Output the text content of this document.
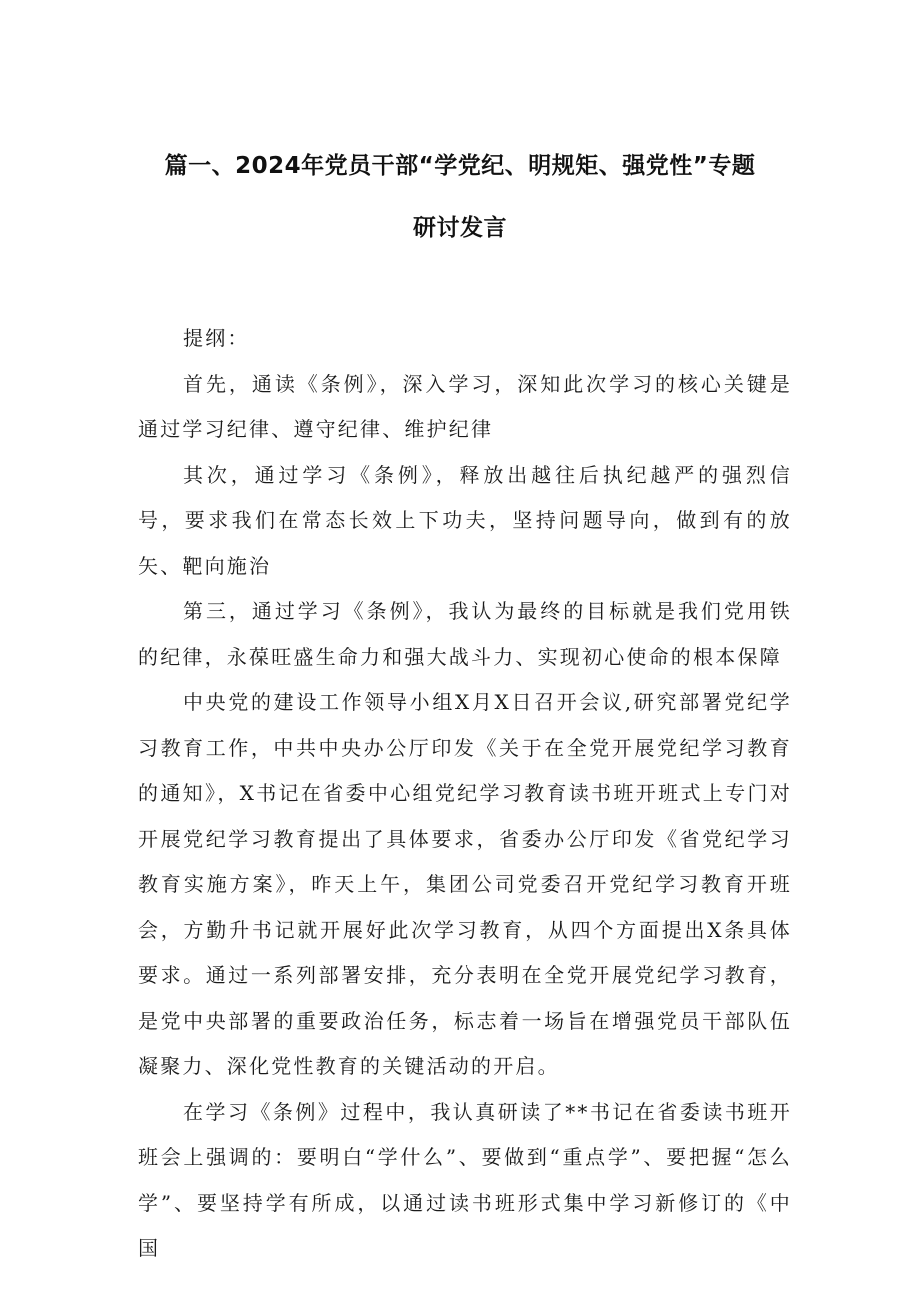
篇一、2024年党员干部“学党纪、明规矩、强党性”专题
研讨发言

提纲：

首先，通读《条例》，深入学习，深知此次学习的核心关键是通过学习纪律、遵守纪律、维护纪律

其次，通过学习《条例》，释放出越往后执纪越严的强烈信号，要求我们在常态长效上下功夫，坚持问题导向，做到有的放矢、靶向施治

第三，通过学习《条例》，我认为最终的目标就是我们党用铁的纪律，永葆旺盛生命力和强大战斗力、实现初心使命的根本保障

中央党的建设工作领导小组X月X日召开会议,研究部署党纪学习教育工作，中共中央办公厅印发《关于在全党开展党纪学习教育的通知》，X书记在省委中心组党纪学习教育读书班开班式上专门对开展党纪学习教育提出了具体要求，省委办公厅印发《省党纪学习教育实施方案》，昨天上午，集团公司党委召开党纪学习教育开班会，方勤升书记就开展好此次学习教育，从四个方面提出X条具体要求。通过一系列部署安排，充分表明在全党开展党纪学习教育，是党中央部署的重要政治任务，标志着一场旨在增强党员干部队伍凝聚力、深化党性教育的关键活动的开启。

在学习《条例》过程中，我认真研读了**书记在省委读书班开班会上强调的：要明白“学什么”、要做到“重点学”、要把握“怎么学”、要坚持学有所成，以通过读书班形式集中学习新修订的《中国
